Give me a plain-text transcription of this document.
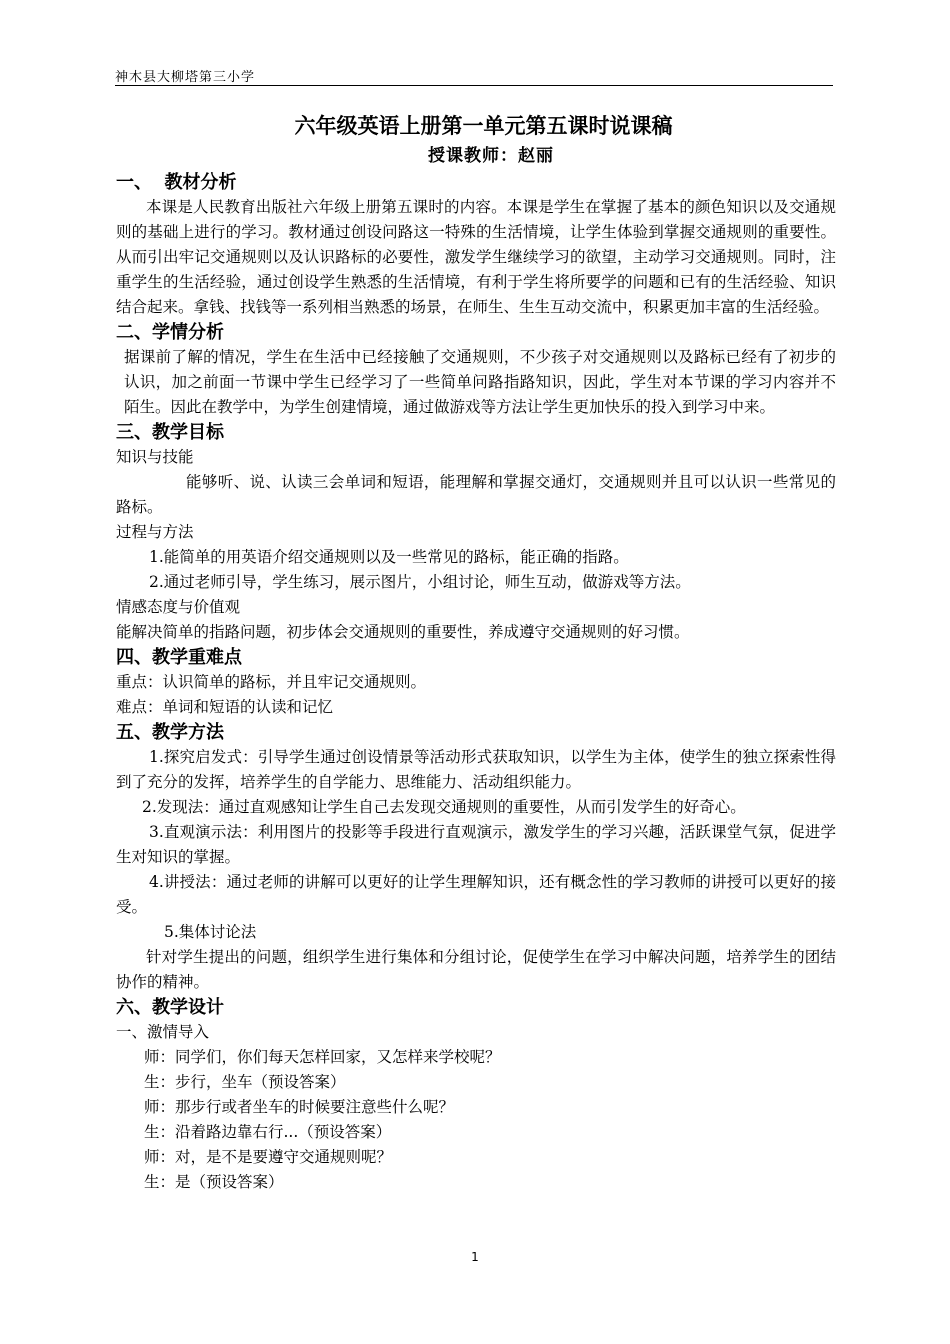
神木县大柳塔第三小学
六年级英语上册第一单元第五课时说课稿
授课教师：赵丽
一、  教材分析
本课是人民教育出版社六年级上册第五课时的内容。本课是学生在掌握了基本的颜色知识以及交通规则的基础上进行的学习。教材通过创设问路这一特殊的生活情境，让学生体验到掌握交通规则的重要性。从而引出牢记交通规则以及认识路标的必要性，激发学生继续学习的欲望，主动学习交通规则。同时，注重学生的生活经验，通过创设学生熟悉的生活情境，有利于学生将所要学的问题和已有的生活经验、知识结合起来。拿钱、找钱等一系列相当熟悉的场景，在师生、生生互动交流中，积累更加丰富的生活经验。
二、学情分析
据课前了解的情况，学生在生活中已经接触了交通规则，不少孩子对交通规则以及路标已经有了初步的认识，加之前面一节课中学生已经学习了一些简单问路指路知识，因此，学生对本节课的学习内容并不陌生。因此在教学中，为学生创建情境，通过做游戏等方法让学生更加快乐的投入到学习中来。
三、教学目标
知识与技能
能够听、说、认读三会单词和短语，能理解和掌握交通灯，交通规则并且可以认识一些常见的路标。
过程与方法
1.能简单的用英语介绍交通规则以及一些常见的路标，能正确的指路。
2.通过老师引导，学生练习，展示图片，小组讨论，师生互动，做游戏等方法。
情感态度与价值观
能解决简单的指路问题，初步体会交通规则的重要性，养成遵守交通规则的好习惯。
四、教学重难点
重点：认识简单的路标，并且牢记交通规则。
难点：单词和短语的认读和记忆
五、教学方法
1.探究启发式：引导学生通过创设情景等活动形式获取知识，以学生为主体，使学生的独立探索性得到了充分的发挥，培养学生的自学能力、思维能力、活动组织能力。
2.发现法：通过直观感知让学生自己去发现交通规则的重要性，从而引发学生的好奇心。
3.直观演示法：利用图片的投影等手段进行直观演示，激发学生的学习兴趣，活跃课堂气氛，促进学生对知识的掌握。
4.讲授法：通过老师的讲解可以更好的让学生理解知识，还有概念性的学习教师的讲授可以更好的接受。
5.集体讨论法
针对学生提出的问题，组织学生进行集体和分组讨论，促使学生在学习中解决问题，培养学生的团结协作的精神。
六、教学设计
一、激情导入
师：同学们，你们每天怎样回家，又怎样来学校呢？
生：步行，坐车（预设答案）
师：那步行或者坐车的时候要注意些什么呢？
生：沿着路边靠右行...（预设答案）
师：对，是不是要遵守交通规则呢？
生：是（预设答案）
1
